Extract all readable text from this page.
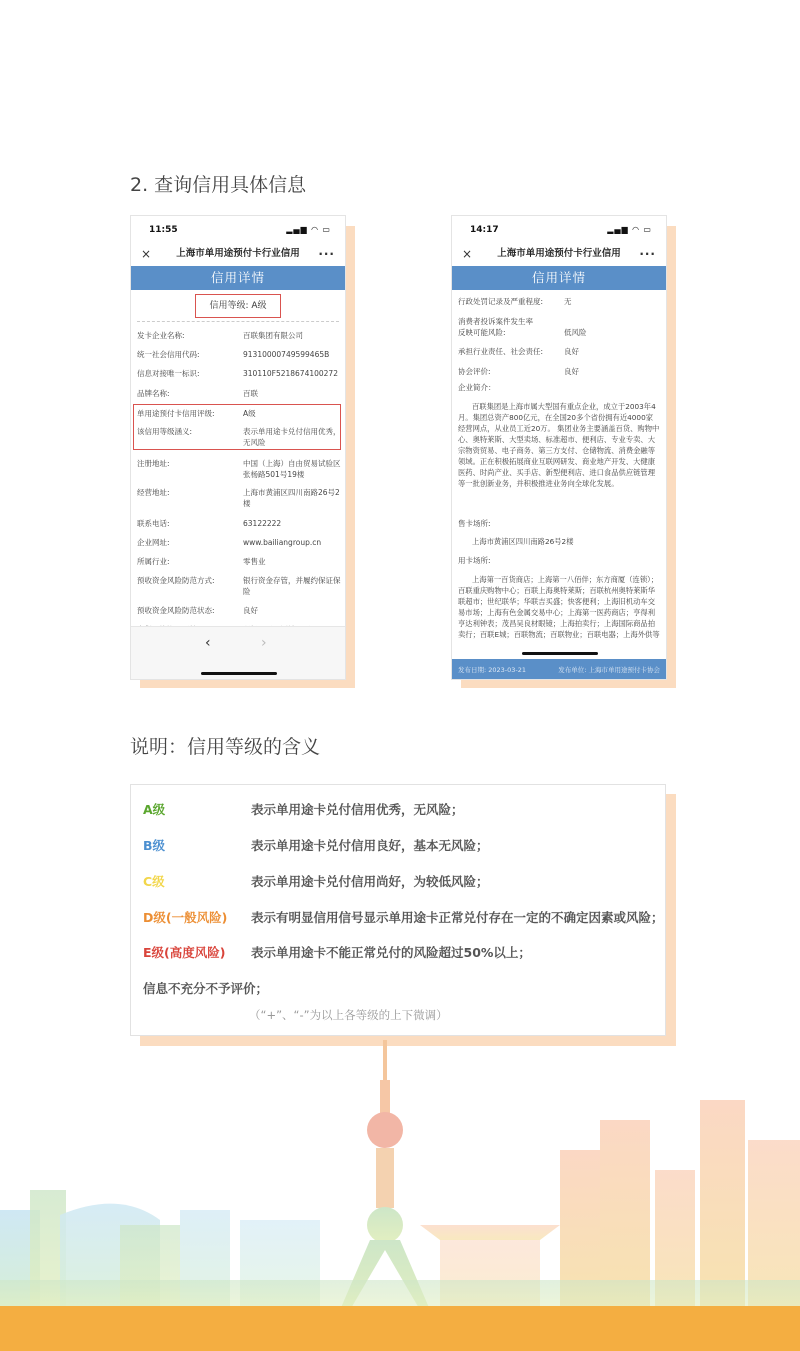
2. 查询信用具体信息
11:55	▂▄▆ ◠ ▭
×	上海市单用途预付卡行业信用 ···
信用详情
信用等级: A级
发卡企业名称:	百联集团有限公司
统一社会信用代码:	91310000749599465B
信息对接唯一标识:	310110F5218674100272
品牌名称:	百联
单用途预付卡信用评级:	A级
该信用等级涵义:	表示单用途卡兑付信用优秀，无风险
注册地址:	中国（上海）自由贸易试验区张杨路501号19楼
经营地址:	上海市黄浦区四川南路26号2楼
联系电话:	63122222
企业网址:	www.bailiangroup.cn
所属行业:	零售业
预收资金风险防范方式:	银行资金存管，并履约保证保险
预收资金风险防范状态:	良好
‹	›
14:17	▂▄▆ ◠ ▭
×	上海市单用途预付卡行业信用 ···
信用详情
行政处罚记录及严重程度:	无
消费者投诉案件发生率反映可能风险:	低风险
承担行业责任、社会责任:	良好
协会评价:	良好
企业简介：
百联集团是上海市属大型国有重点企业，成立于2003年4月。集团总资产800亿元，在全国20多个省份拥有近4000家经营网点，从业员工近20万。 集团业务主要涵盖百货、购物中心、奥特莱斯、大型卖场、标准超市、便利店、专业专卖、大宗物资贸易、电子商务、第三方支付、仓储物流、消费金融等领域。正在积极拓展商业互联网研发、商业地产开发、大健康医药、时尚产业、买手店、新型便利店、进口食品供应链管理等一批创新业务，并积极推进业务向全球化发展。
售卡场所:
上海市黄浦区四川南路26号2楼
用卡场所:
上海第一百货商店；上海第一八佰伴；东方商厦（连锁）；百联重庆购物中心；百联上海奥特莱斯；百联杭州奥特莱斯华联超市；世纪联华；华联吉买盛；快客便利；上海旧机动车交易市场；上海有色金属交易中心；上海第一医药商店；亨得利亨达利钟表；茂昌吴良材眼镜；上海拍卖行；上海国际商品拍卖行；百联E城；百联物流；百联物业；百联电器；上海外供等
发布日期: 2023-03-21	发布单位: 上海市单用途预付卡协会
说明：信用等级的含义
A级	表示单用途卡兑付信用优秀，无风险；
B级	表示单用途卡兑付信用良好，基本无风险；
C级	表示单用途卡兑付信用尚好，为较低风险；
D级(一般风险) 表示有明显信用信号显示单用途卡正常兑付存在一定的不确定因素或风险；
E级(高度风险) 表示单用途卡不能正常兑付的风险超过50%以上；
信息不充分不予评价；
（“+”、“-”为以上各等级的上下微调）
